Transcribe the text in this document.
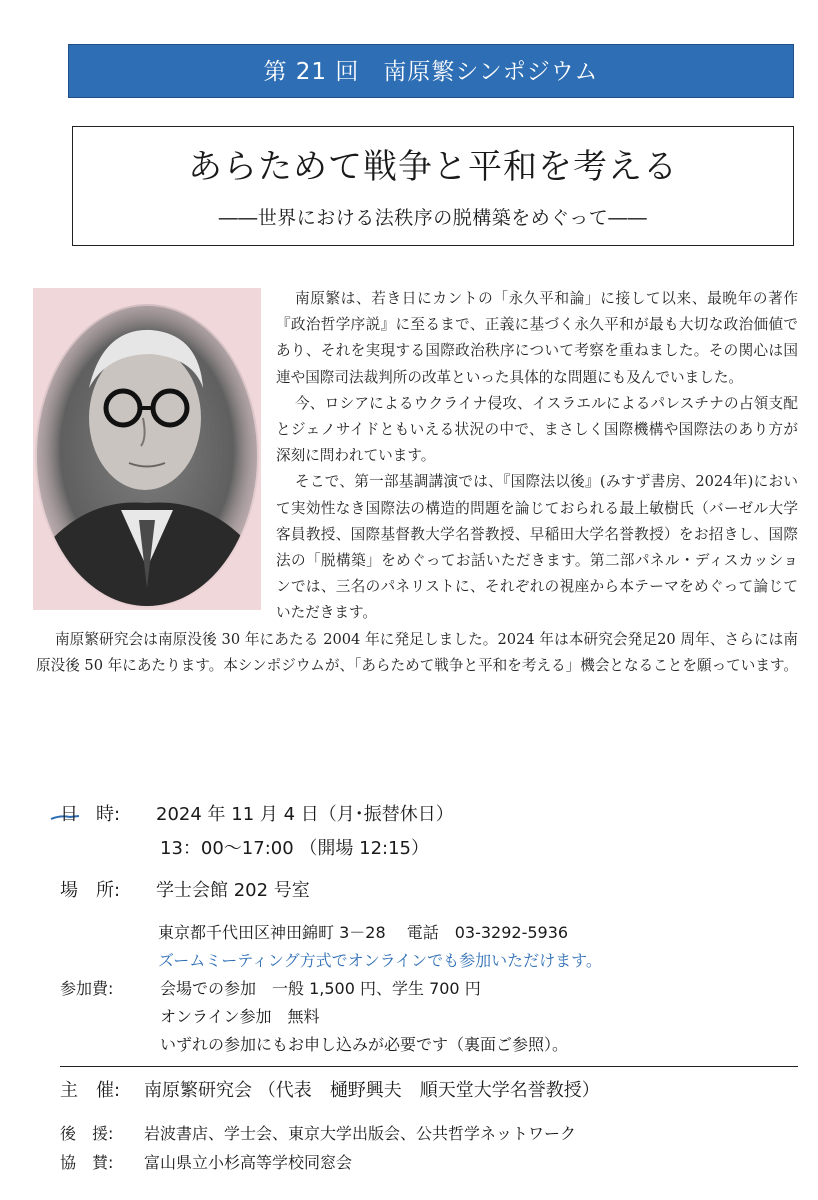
第 21 回　南原繁シンポジウム
あらためて戦争と平和を考える
――世界における法秩序の脱構築をめぐって――

南原繁は、若き日にカントの「永久平和論」に接して以来、最晩年の著作『政治哲学序説』に至るまで、正義に基づく永久平和が最も大切な政治価値であり、それを実現する国際政治秩序について考察を重ねました。その関心は国連や国際司法裁判所の改革といった具体的な問題にも及んでいました。

今、ロシアによるウクライナ侵攻、イスラエルによるパレスチナの占領支配とジェノサイドともいえる状況の中で、まさしく国際機構や国際法のあり方が深刻に問われています。

そこで、第一部基調講演では、『国際法以後』(みすず書房、2024年)において実効性なき国際法の構造的問題を論じておられる最上敏樹氏（バーゼル大学客員教授、国際基督教大学名誉教授、早稲田大学名誉教授）をお招きし、国際法の「脱構築」をめぐってお話いただきます。第二部パネル・ディスカッションでは、三名のパネリストに、それぞれの視座から本テーマをめぐって論じていただきます。

南原繁研究会は南原没後 30 年にあたる 2004 年に発足しました。2024 年は本研究会発足20 周年、さらには南原没後 50 年にあたります。本シンポジウムが、「あらためて戦争と平和を考える」機会となることを願っています。

日　時: 2024 年 11 月 4 日（月･振替休日）
13：00～17:00 （開場 12:15）
場　所: 学士会館 202 号室
東京都千代田区神田錦町 3－28　 電話　03-3292-5936
ズームミーティング方式でオンラインでも参加いただけます。
参加費:	会場での参加　一般 1,500 円、学生 700 円
オンライン参加　無料
いずれの参加にもお申し込みが必要です（裏面ご参照）。
主　催: 南原繁研究会 （代表　樋野興夫　順天堂大学名誉教授）
後　援: 岩波書店、学士会、東京大学出版会、公共哲学ネットワーク
協　賛: 富山県立小杉高等学校同窓会
